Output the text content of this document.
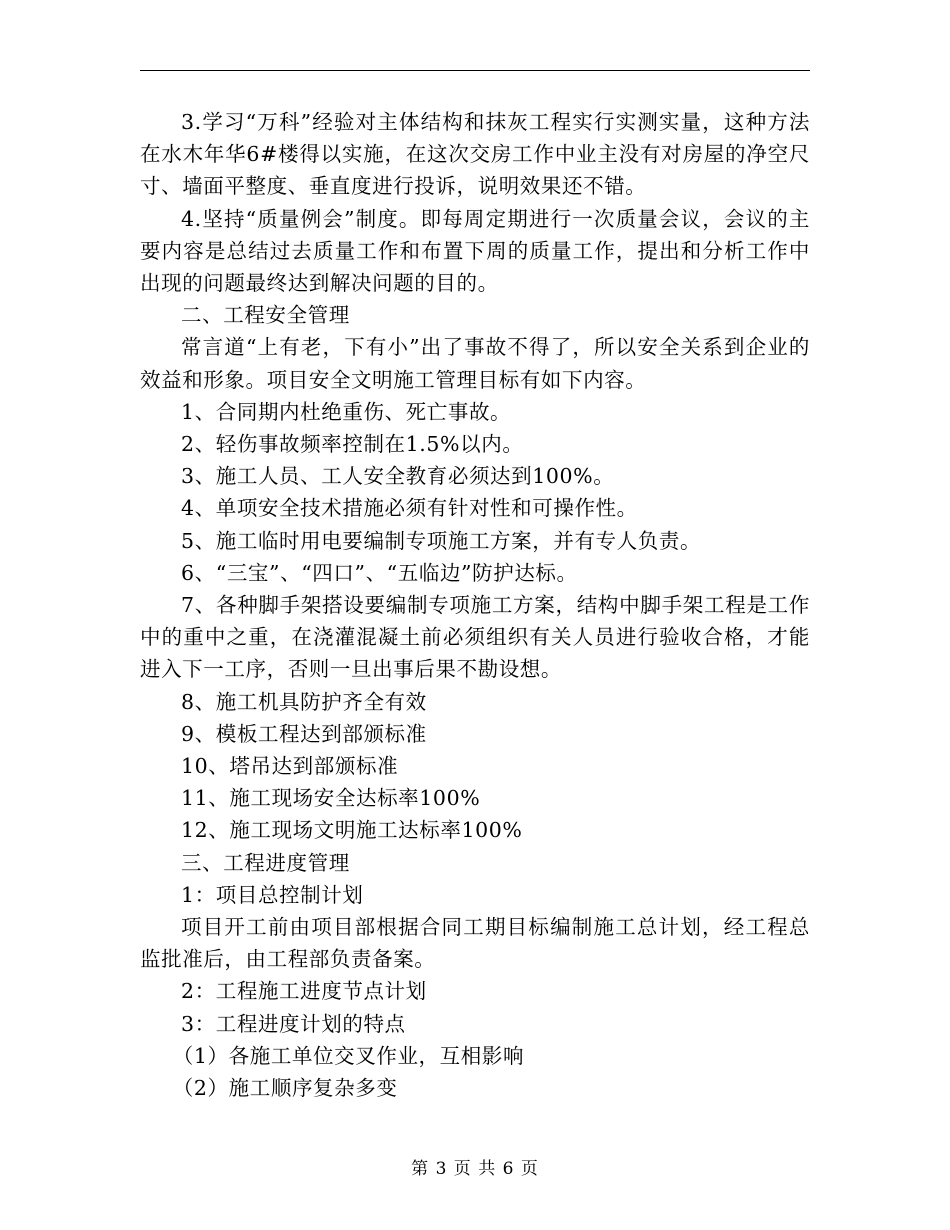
3.学习“万科”经验对主体结构和抹灰工程实行实测实量，这种方法在水木年华6#楼得以实施，在这次交房工作中业主没有对房屋的净空尺寸、墙面平整度、垂直度进行投诉，说明效果还不错。

4.坚持“质量例会”制度。即每周定期进行一次质量会议，会议的主要内容是总结过去质量工作和布置下周的质量工作，提出和分析工作中出现的问题最终达到解决问题的目的。

二、工程安全管理

常言道“上有老，下有小”出了事故不得了，所以安全关系到企业的效益和形象。项目安全文明施工管理目标有如下内容。

1、合同期内杜绝重伤、死亡事故。

2、轻伤事故频率控制在1.5%以内。

3、施工人员、工人安全教育必须达到100%。

4、单项安全技术措施必须有针对性和可操作性。

5、施工临时用电要编制专项施工方案，并有专人负责。

6、“三宝”、“四口”、“五临边”防护达标。

7、各种脚手架搭设要编制专项施工方案，结构中脚手架工程是工作中的重中之重，在浇灌混凝土前必须组织有关人员进行验收合格，才能进入下一工序，否则一旦出事后果不勘设想。

8、施工机具防护齐全有效

9、模板工程达到部颁标准

10、塔吊达到部颁标准

11、施工现场安全达标率100%

12、施工现场文明施工达标率100%

三、工程进度管理

1：项目总控制计划

项目开工前由项目部根据合同工期目标编制施工总计划，经工程总监批准后，由工程部负责备案。

2：工程施工进度节点计划

3：工程进度计划的特点

（1）各施工单位交叉作业，互相影响

（2）施工顺序复杂多变

第 3 页 共 6 页
